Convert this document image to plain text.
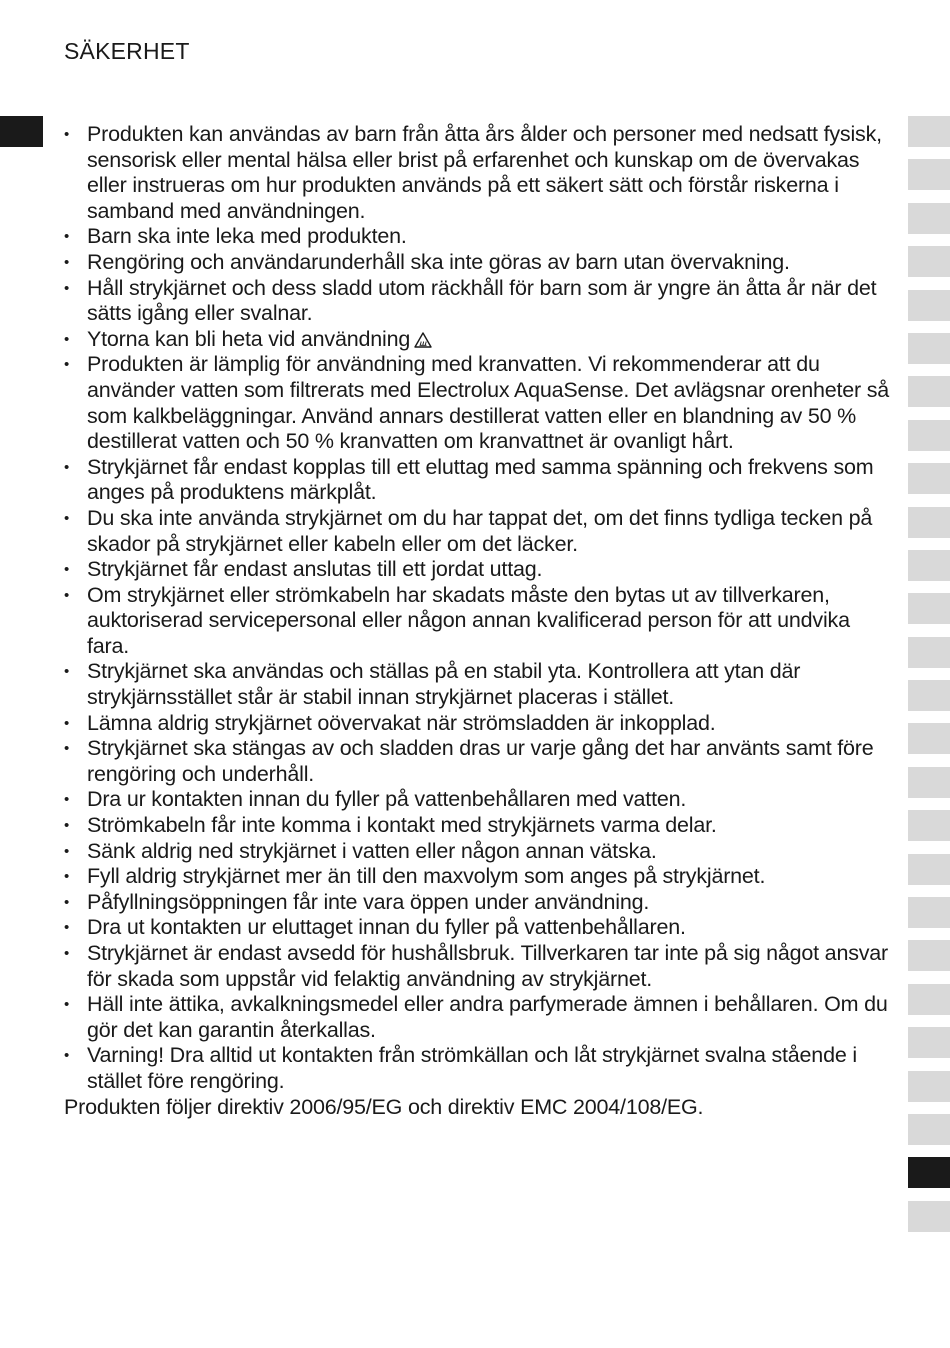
SÄKERHET
• Produkten kan användas av barn från åtta års ålder och personer med nedsatt fysisk, sensorisk eller mental hälsa eller brist på erfarenhet och kunskap om de övervakas eller instrueras om hur produkten används på ett säkert sätt och förstår riskerna i samband med användningen.
• Barn ska inte leka med produkten.
• Rengöring och användarunderhåll ska inte göras av barn utan övervakning.
• Håll strykjärnet och dess sladd utom räckhåll för barn som är yngre än åtta år när det sätts igång eller svalnar.
• Ytorna kan bli heta vid användning
• Produkten är lämplig för användning med kranvatten. Vi rekommenderar att du använder vatten som filtrerats med Electrolux AquaSense. Det avlägsnar orenheter så som kalkbeläggningar. Använd annars destillerat vatten eller en blandning av 50 % destillerat vatten och 50 % kranvatten om kranvattnet är ovanligt hårt.
• Strykjärnet får endast kopplas till ett eluttag med samma spänning och frekvens som anges på produktens märkplåt.
• Du ska inte använda strykjärnet om du har tappat det, om det finns tydliga tecken på skador på strykjärnet eller kabeln eller om det läcker.
• Strykjärnet får endast anslutas till ett jordat uttag.
• Om strykjärnet eller strömkabeln har skadats måste den bytas ut av tillverkaren, auktoriserad servicepersonal eller någon annan kvalificerad person för att undvika fara.
• Strykjärnet ska användas och ställas på en stabil yta. Kontrollera att ytan där strykjärnsstället står är stabil innan strykjärnet placeras i stället.
• Lämna aldrig strykjärnet oövervakat när strömsladden är inkopplad.
• Strykjärnet ska stängas av och sladden dras ur varje gång det har använts samt före rengöring och underhåll.
• Dra ur kontakten innan du fyller på vattenbehållaren med vatten.
• Strömkabeln får inte komma i kontakt med strykjärnets varma delar.
• Sänk aldrig ned strykjärnet i vatten eller någon annan vätska.
• Fyll aldrig strykjärnet mer än till den maxvolym som anges på strykjärnet.
• Påfyllningsöppningen får inte vara öppen under användning.
• Dra ut kontakten ur eluttaget innan du fyller på vattenbehållaren.
• Strykjärnet är endast avsedd för hushållsbruk. Tillverkaren tar inte på sig något ansvar för skada som uppstår vid felaktig användning av strykjärnet.
• Häll inte ättika, avkalkningsmedel eller andra parfymerade ämnen i behållaren. Om du gör det kan garantin återkallas.
• Varning! Dra alltid ut kontakten från strömkällan och låt strykjärnet svalna stående i stället före rengöring.

Produkten följer direktiv 2006/95/EG och direktiv EMC 2004/108/EG.
